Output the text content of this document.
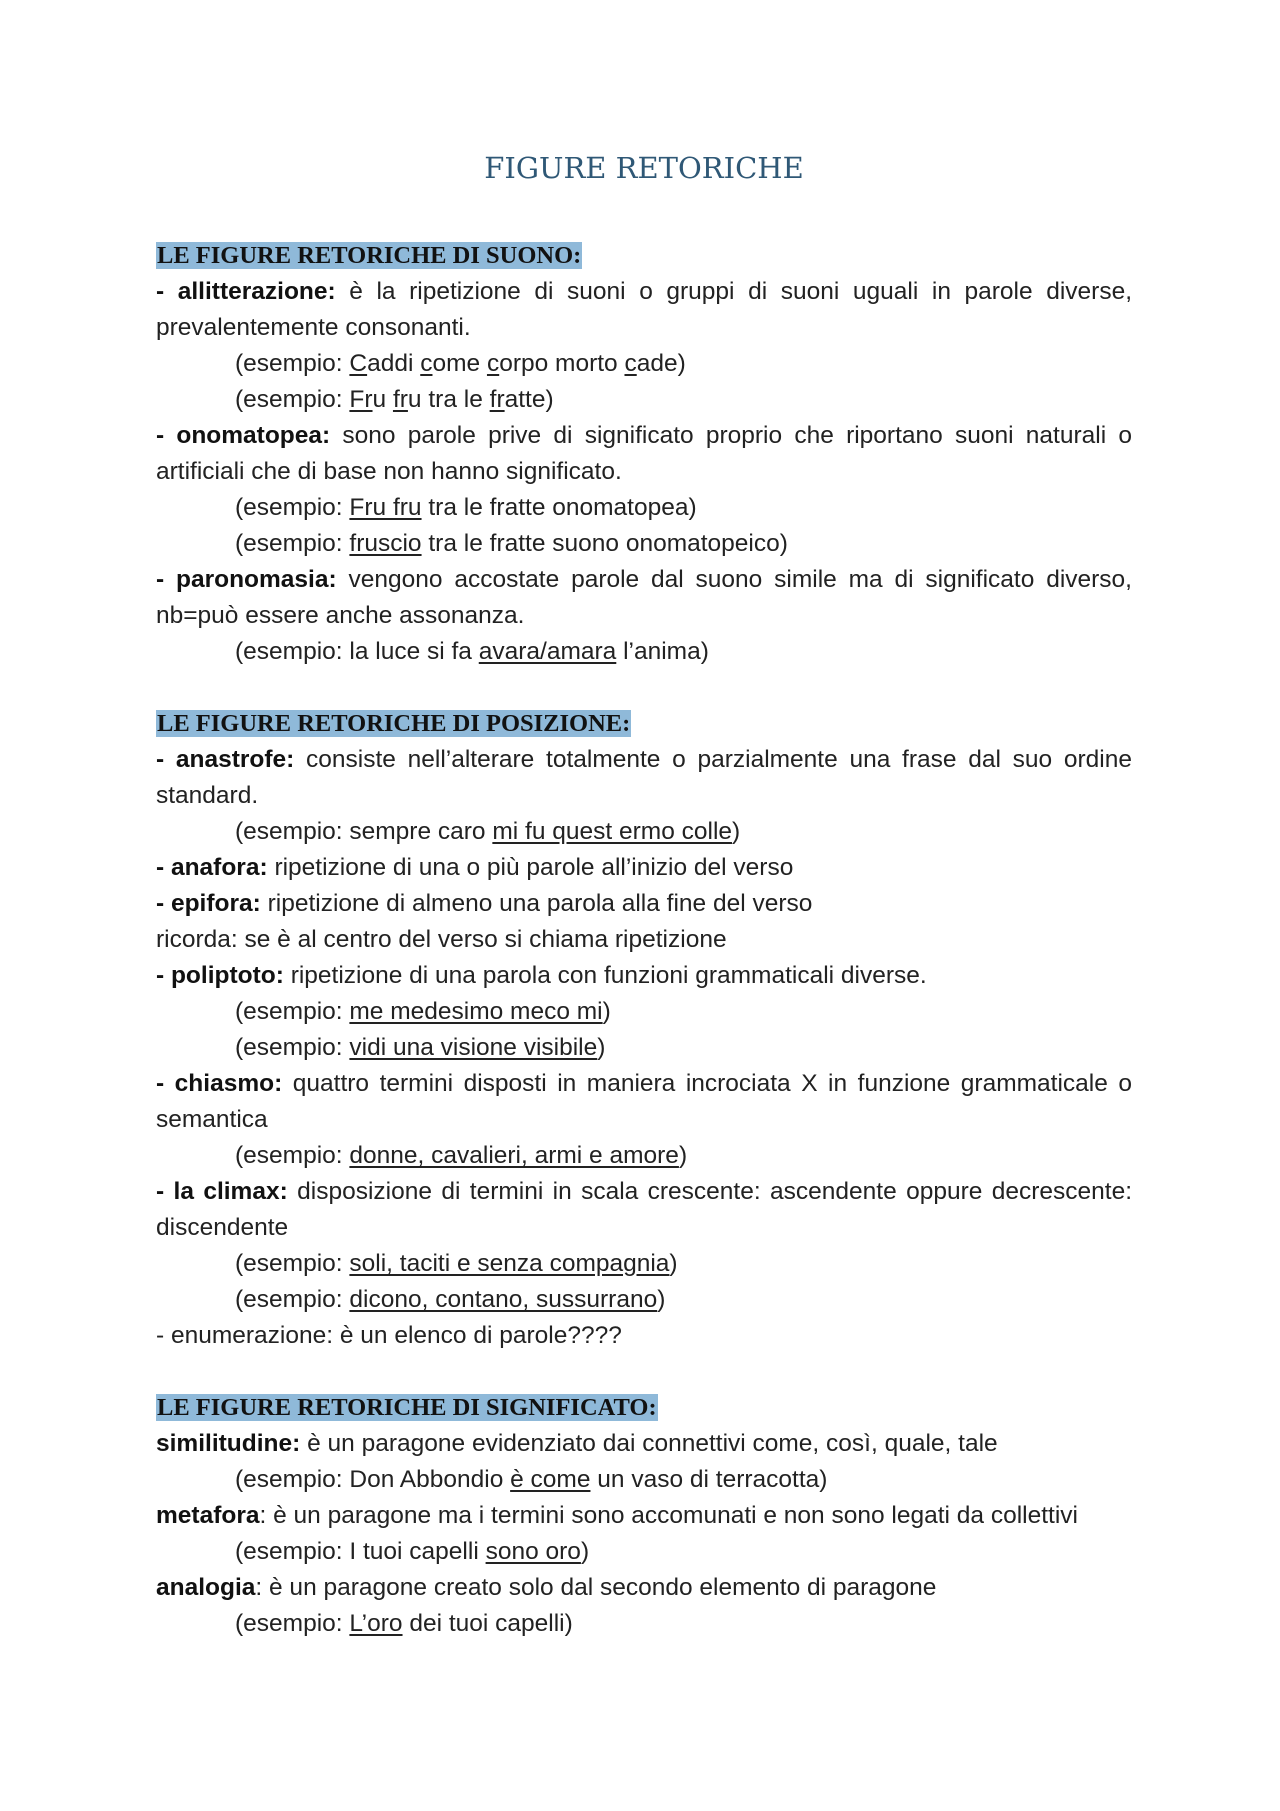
FIGURE RETORICHE

LE FIGURE RETORICHE DI SUONO:

- allitterazione: è la ripetizione di suoni o gruppi di suoni uguali in parole diverse, prevalentemente consonanti.

(esempio: Caddi come corpo morto cade)

(esempio: Fru fru tra le fratte)

- onomatopea: sono parole prive di significato proprio che riportano suoni naturali o artificiali che di base non hanno significato.

(esempio: Fru fru tra le fratte onomatopea)

(esempio: fruscio tra le fratte suono onomatopeico)

- paronomasia: vengono accostate parole dal suono simile ma di significato diverso, nb=può essere anche assonanza.

(esempio: la luce si fa avara/amara l’anima)

LE FIGURE RETORICHE DI POSIZIONE:

- anastrofe: consiste nell’alterare totalmente o parzialmente una frase dal suo ordine standard.

(esempio: sempre caro mi fu quest ermo colle)

- anafora: ripetizione di una o più parole all’inizio del verso

- epifora: ripetizione di almeno una parola alla fine del verso

ricorda: se è al centro del verso si chiama ripetizione

- poliptoto: ripetizione di una parola con funzioni grammaticali diverse.

(esempio: me medesimo meco mi)

(esempio: vidi una visione visibile)

- chiasmo: quattro termini disposti in maniera incrociata X in funzione grammaticale o semantica

(esempio: donne, cavalieri, armi e amore)

- la climax: disposizione di termini in scala crescente: ascendente oppure decrescente: discendente

(esempio: soli, taciti e senza compagnia)

(esempio: dicono, contano, sussurrano)

- enumerazione: è un elenco di parole????

LE FIGURE RETORICHE DI SIGNIFICATO:

similitudine: è un paragone evidenziato dai connettivi come, così, quale, tale

(esempio: Don Abbondio è come un vaso di terracotta)

metafora: è un paragone ma i termini sono accomunati e non sono legati da collettivi

(esempio: I tuoi capelli sono oro)

analogia: è un paragone creato solo dal secondo elemento di paragone

(esempio: L’oro dei tuoi capelli)
